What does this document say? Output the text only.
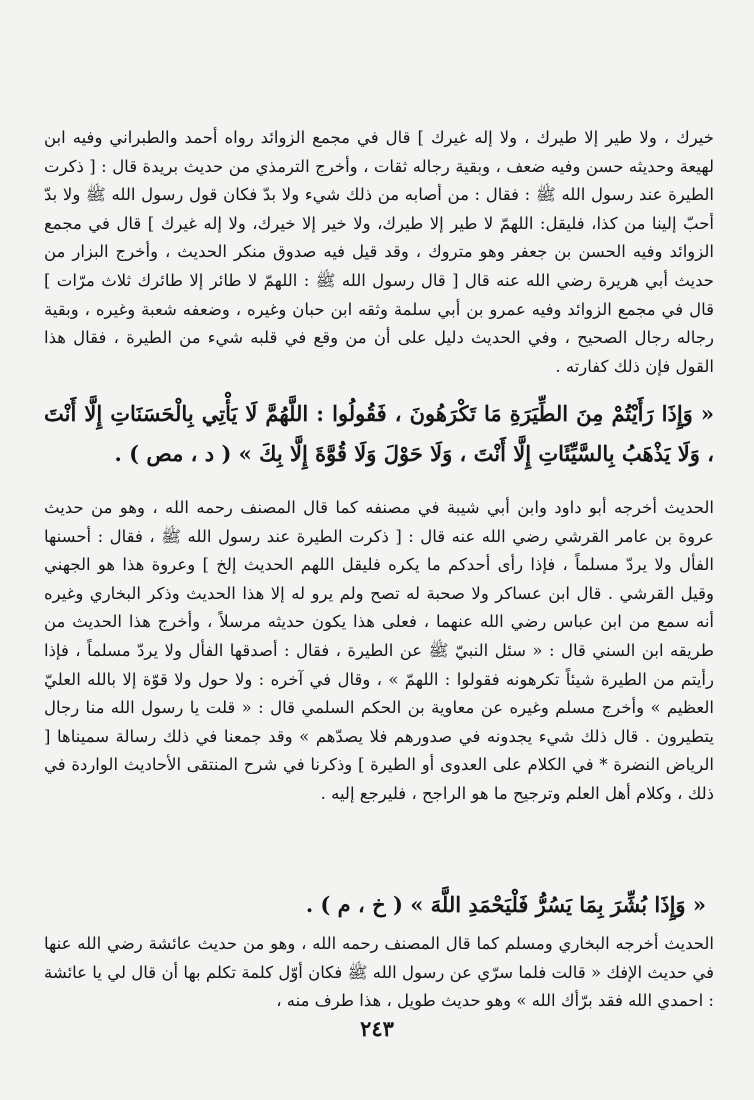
خيرك ، ولا طير إلا طيرك ، ولا إله غيرك ] قال في مجمع الزوائد رواه أحمد والطبراني وفيه ابن لهيعة وحديثه حسن وفيه ضعف ، وبقية رجاله ثقات ، وأخرج الترمذي من حديث بريدة قال : [ ذكرت الطيرة عند رسول الله ﷺ : فقال : من أصابه من ذلك شيء ولا بدّ فكان قول رسول الله ﷺ ولا بدّ أحبّ إلينا من كذا، فليقل: اللهمّ لا طير إلا طيرك، ولا خير إلا خيرك، ولا إله غيرك ] قال في مجمع الزوائد وفيه الحسن بن جعفر وهو متروك ، وقد قيل فيه صدوق منكر الحديث ، وأخرج البزار من حديث أبي هريرة رضي الله عنه قال [ قال رسول الله ﷺ : اللهمّ لا طائر إلا طائرك ثلاث مرّات ] قال في مجمع الزوائد وفيه عمرو بن أبي سلمة وثقه ابن حبان وغيره ، وضعفه شعبة وغيره ، وبقية رجاله رجال الصحيح ، وفي الحديث دليل على أن من وقع في قلبه شيء من الطيرة ، فقال هذا القول فإن ذلك كفارته .

« وَإِذَا رَأَيْتُمْ مِنَ الطِّيَرَةِ مَا تَكْرَهُونَ ، فَقُولُوا : اللَّهُمَّ لَا يَأْتِي بِالْحَسَنَاتِ إِلَّا أَنْتَ ، وَلَا يَذْهَبُ بِالسَّيِّئَاتِ إِلَّا أَنْتَ ، وَلَا حَوْلَ وَلَا قُوَّةَ إِلَّا بِكَ » ( د ، مص ) .

الحديث أخرجه أبو داود وابن أبي شيبة في مصنفه كما قال المصنف رحمه الله ، وهو من حديث عروة بن عامر القرشي رضي الله عنه قال : [ ذكرت الطيرة عند رسول الله ﷺ ، فقال : أحسنها الفأل ولا يردّ مسلماً ، فإذا رأى أحدكم ما يكره فليقل اللهم الحديث إلخ ] وعروة هذا هو الجهني وقيل القرشي . قال ابن عساكر ولا صحبة له تصح ولم يرو له إلا هذا الحديث وذكر البخاري وغيره أنه سمع من ابن عباس رضي الله عنهما ، فعلى هذا يكون حديثه مرسلاً ، وأخرج هذا الحديث من طريقه ابن السني قال : « سئل النبيّ ﷺ عن الطيرة ، فقال : أصدقها الفأل ولا يردّ مسلماً ، فإذا رأيتم من الطيرة شيئاً تكرهونه فقولوا : اللهمّ » ، وقال في آخره : ولا حول ولا قوّة إلا بالله العليّ العظيم » وأخرج مسلم وغيره عن معاوية بن الحكم السلمي قال : « قلت يا رسول الله منا رجال يتطيرون . قال ذلك شيء يجدونه في صدورهم فلا يصدّهم » وقد جمعنا في ذلك رسالة سميناها [ الرياض النضرة * في الكلام على العدوى أو الطيرة ] وذكرنا في شرح المنتقى الأحاديث الواردة في ذلك ، وكلام أهل العلم وترجيح ما هو الراجح ، فليرجع إليه .

« وَإِذَا بُشِّرَ بِمَا يَسُرُّ فَلْيَحْمَدِ اللَّهَ » ( خ ، م ) .

الحديث أخرجه البخاري ومسلم كما قال المصنف رحمه الله ، وهو من حديث عائشة رضي الله عنها في حديث الإفك « قالت فلما سرّي عن رسول الله ﷺ فكان أوّل كلمة تكلم بها أن قال لي يا عائشة : احمدي الله فقد برّأك الله » وهو حديث طويل ، هذا طرف منه ،

٢٤٣
